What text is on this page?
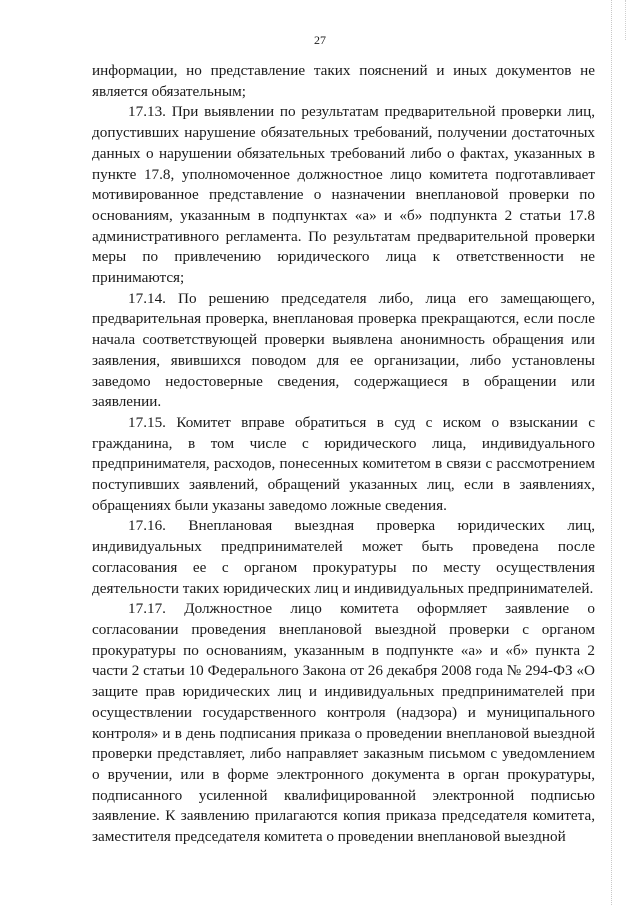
27

информации, но представление таких пояснений и иных документов не является обязательным;

17.13. При выявлении по результатам предварительной проверки лиц, допустивших нарушение обязательных требований, получении достаточных данных о нарушении обязательных требований либо о фактах, указанных в пункте 17.8, уполномоченное должностное лицо комитета подготавливает мотивированное представление о назначении внеплановой проверки по основаниям, указанным в подпунктах «а» и «б» подпункта 2 статьи 17.8 административного регламента. По результатам предварительной проверки меры по привлечению юридического лица к ответственности не принимаются;

17.14. По решению председателя либо, лица его замещающего, предварительная проверка, внеплановая проверка прекращаются, если после начала соответствующей проверки выявлена анонимность обращения или заявления, явившихся поводом для ее организации, либо установлены заведомо недостоверные сведения, содержащиеся в обращении или заявлении.

17.15. Комитет вправе обратиться в суд с иском о взыскании с гражданина, в том числе с юридического лица, индивидуального предпринимателя, расходов, понесенных комитетом в связи с рассмотрением поступивших заявлений, обращений указанных лиц, если в заявлениях, обращениях были указаны заведомо ложные сведения.

17.16. Внеплановая выездная проверка юридических лиц, индивидуальных предпринимателей может быть проведена после согласования ее с органом прокуратуры по месту осуществления деятельности таких юридических лиц и индивидуальных предпринимателей.

17.17. Должностное лицо комитета оформляет заявление о согласовании проведения внеплановой выездной проверки с органом прокуратуры по основаниям, указанным в подпункте «а» и «б» пункта 2 части 2 статьи 10 Федерального Закона от 26 декабря 2008 года № 294-ФЗ «О защите прав юридических лиц и индивидуальных предпринимателей при осуществлении государственного контроля (надзора) и муниципального контроля» и в день подписания приказа о проведении внеплановой выездной проверки представляет, либо направляет заказным письмом с уведомлением о вручении, или в форме электронного документа в орган прокуратуры, подписанного усиленной квалифицированной электронной подписью заявление. К заявлению прилагаются копия приказа председателя комитета, заместителя председателя комитета о проведении внеплановой выездной
